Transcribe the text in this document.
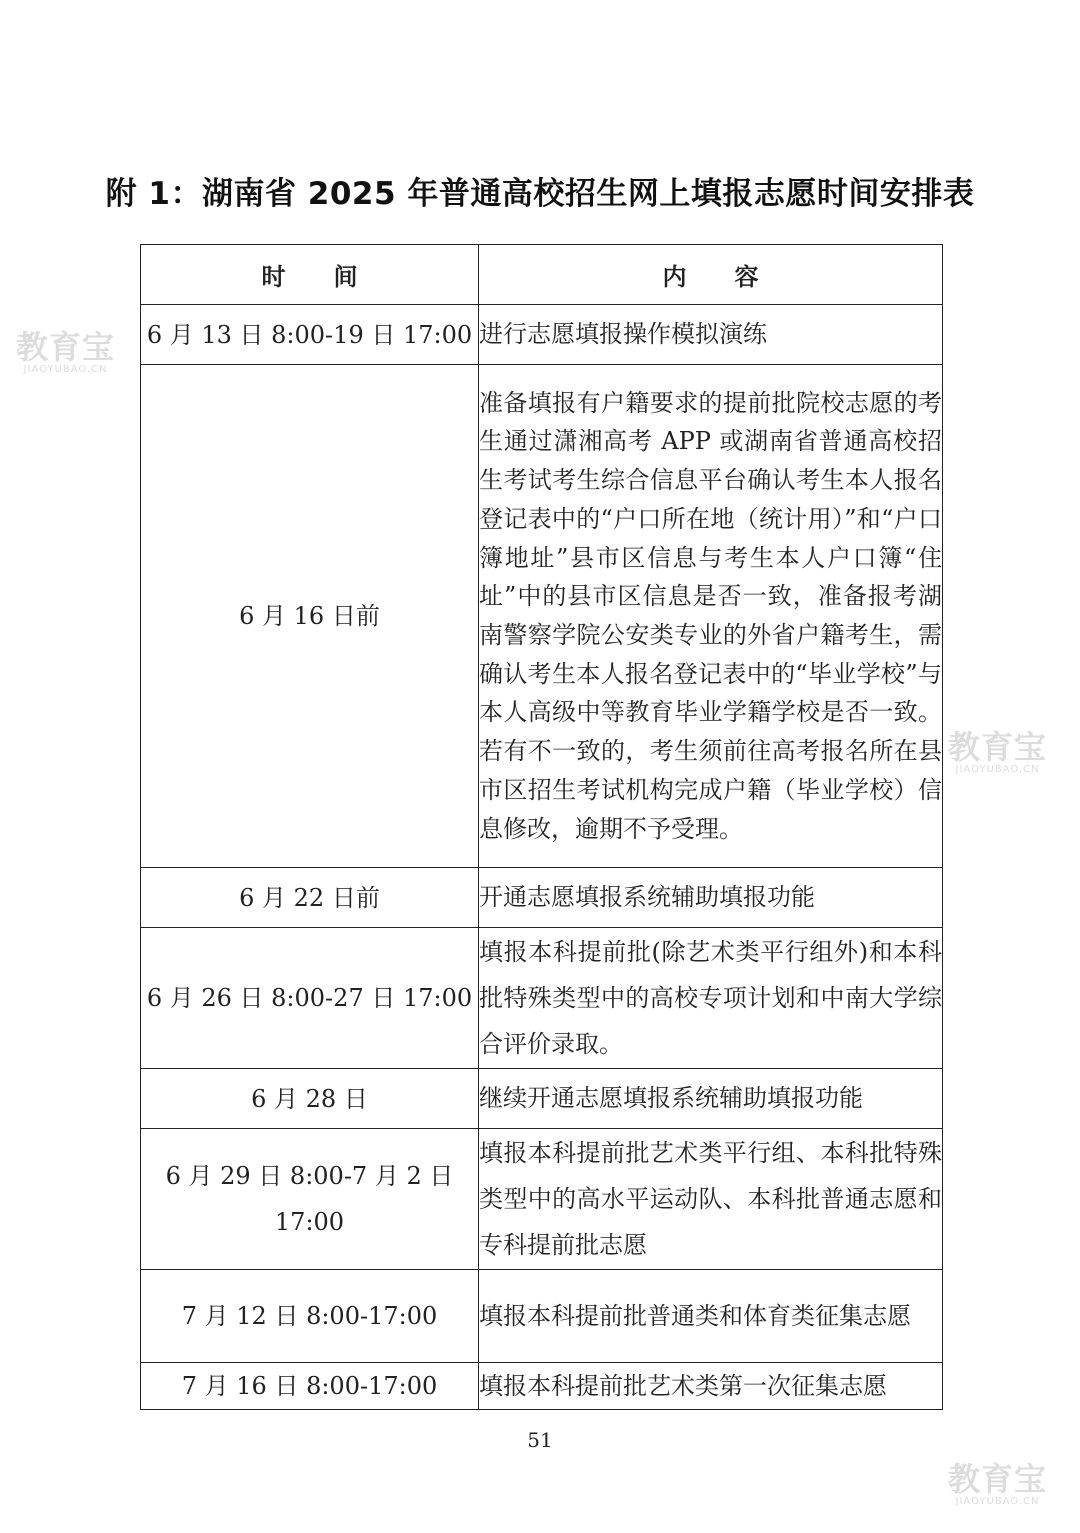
附 1：湖南省 2025 年普通高校招生网上填报志愿时间安排表
时间	内容
6 月 13 日 8:00-19 日 17:00	进行志愿填报操作模拟演练
6 月 16 日前	准备填报有户籍要求的提前批院校志愿的考生通过潇湘高考 APP 或湖南省普通高校招生考试考生综合信息平台确认考生本人报名登记表中的“户口所在地（统计用）”和“户口簿地址”县市区信息与考生本人户口簿“住址”中的县市区信息是否一致，准备报考湖南警察学院公安类专业的外省户籍考生，需确认考生本人报名登记表中的“毕业学校”与本人高级中等教育毕业学籍学校是否一致。若有不一致的，考生须前往高考报名所在县市区招生考试机构完成户籍（毕业学校）信息修改，逾期不予受理。
6 月 22 日前	开通志愿填报系统辅助填报功能
6 月 26 日 8:00-27 日 17:00	填报本科提前批(除艺术类平行组外)和本科批特殊类型中的高校专项计划和中南大学综合评价录取。
6 月 28 日	继续开通志愿填报系统辅助填报功能
6 月 29 日 8:00-7 月 2 日 17:00	填报本科提前批艺术类平行组、本科批特殊类型中的高水平运动队、本科批普通志愿和专科提前批志愿
7 月 12 日 8:00-17:00	填报本科提前批普通类和体育类征集志愿
7 月 16 日 8:00-17:00	填报本科提前批艺术类第一次征集志愿
51
教育宝
JIAOYUBAO.CN
教育宝
JIAOYUBAO.CN
教育宝
JIAOYUBAO.CN
